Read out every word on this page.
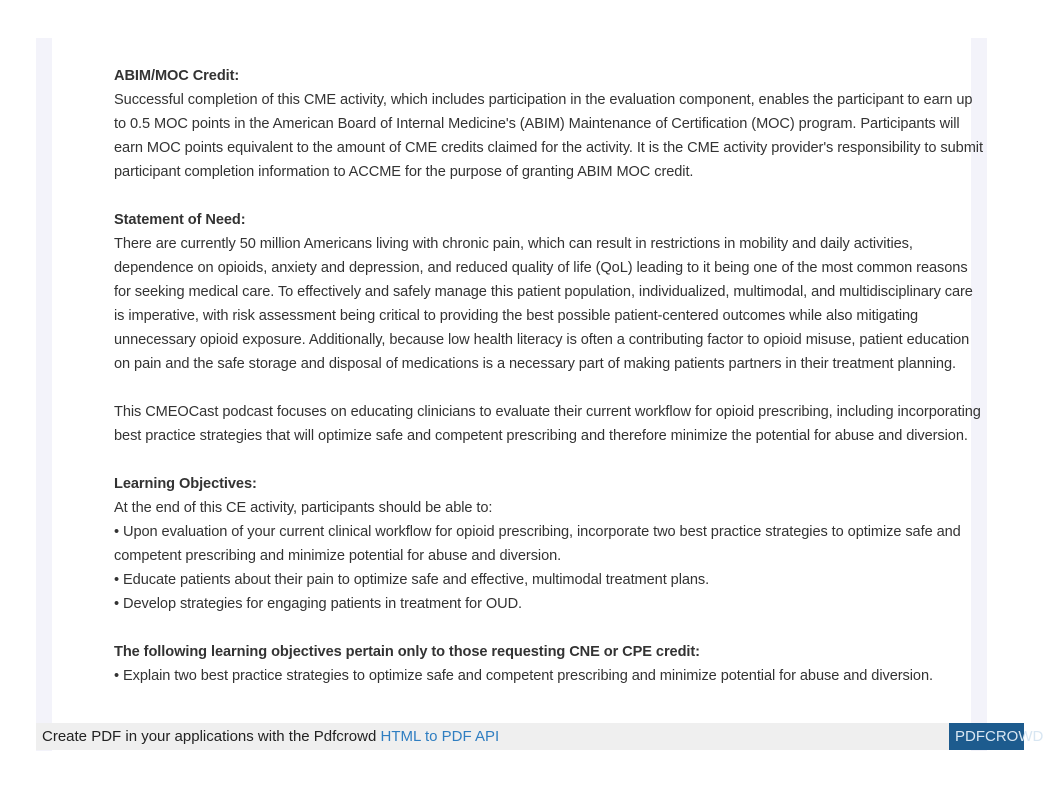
ABIM/MOC Credit:
Successful completion of this CME activity, which includes participation in the evaluation component, enables the participant to earn up to 0.5 MOC points in the American Board of Internal Medicine's (ABIM) Maintenance of Certification (MOC) program. Participants will earn MOC points equivalent to the amount of CME credits claimed for the activity. It is the CME activity provider's responsibility to submit participant completion information to ACCME for the purpose of granting ABIM MOC credit.

Statement of Need:
There are currently 50 million Americans living with chronic pain, which can result in restrictions in mobility and daily activities, dependence on opioids, anxiety and depression, and reduced quality of life (QoL) leading to it being one of the most common reasons for seeking medical care. To effectively and safely manage this patient population, individualized, multimodal, and multidisciplinary care is imperative, with risk assessment being critical to providing the best possible patient-centered outcomes while also mitigating unnecessary opioid exposure. Additionally, because low health literacy is often a contributing factor to opioid misuse, patient education on pain and the safe storage and disposal of medications is a necessary part of making patients partners in their treatment planning.

This CMEOCast podcast focuses on educating clinicians to evaluate their current workflow for opioid prescribing, including incorporating best practice strategies that will optimize safe and competent prescribing and therefore minimize the potential for abuse and diversion.

Learning Objectives:
At the end of this CE activity, participants should be able to:
• Upon evaluation of your current clinical workflow for opioid prescribing, incorporate two best practice strategies to optimize safe and competent prescribing and minimize potential for abuse and diversion.
• Educate patients about their pain to optimize safe and effective, multimodal treatment plans.
• Develop strategies for engaging patients in treatment for OUD.

The following learning objectives pertain only to those requesting CNE or CPE credit:
• Explain two best practice strategies to optimize safe and competent prescribing and minimize potential for abuse and diversion.

Create PDF in your applications with the Pdfcrowd HTML to PDF API	PDFCROWD
